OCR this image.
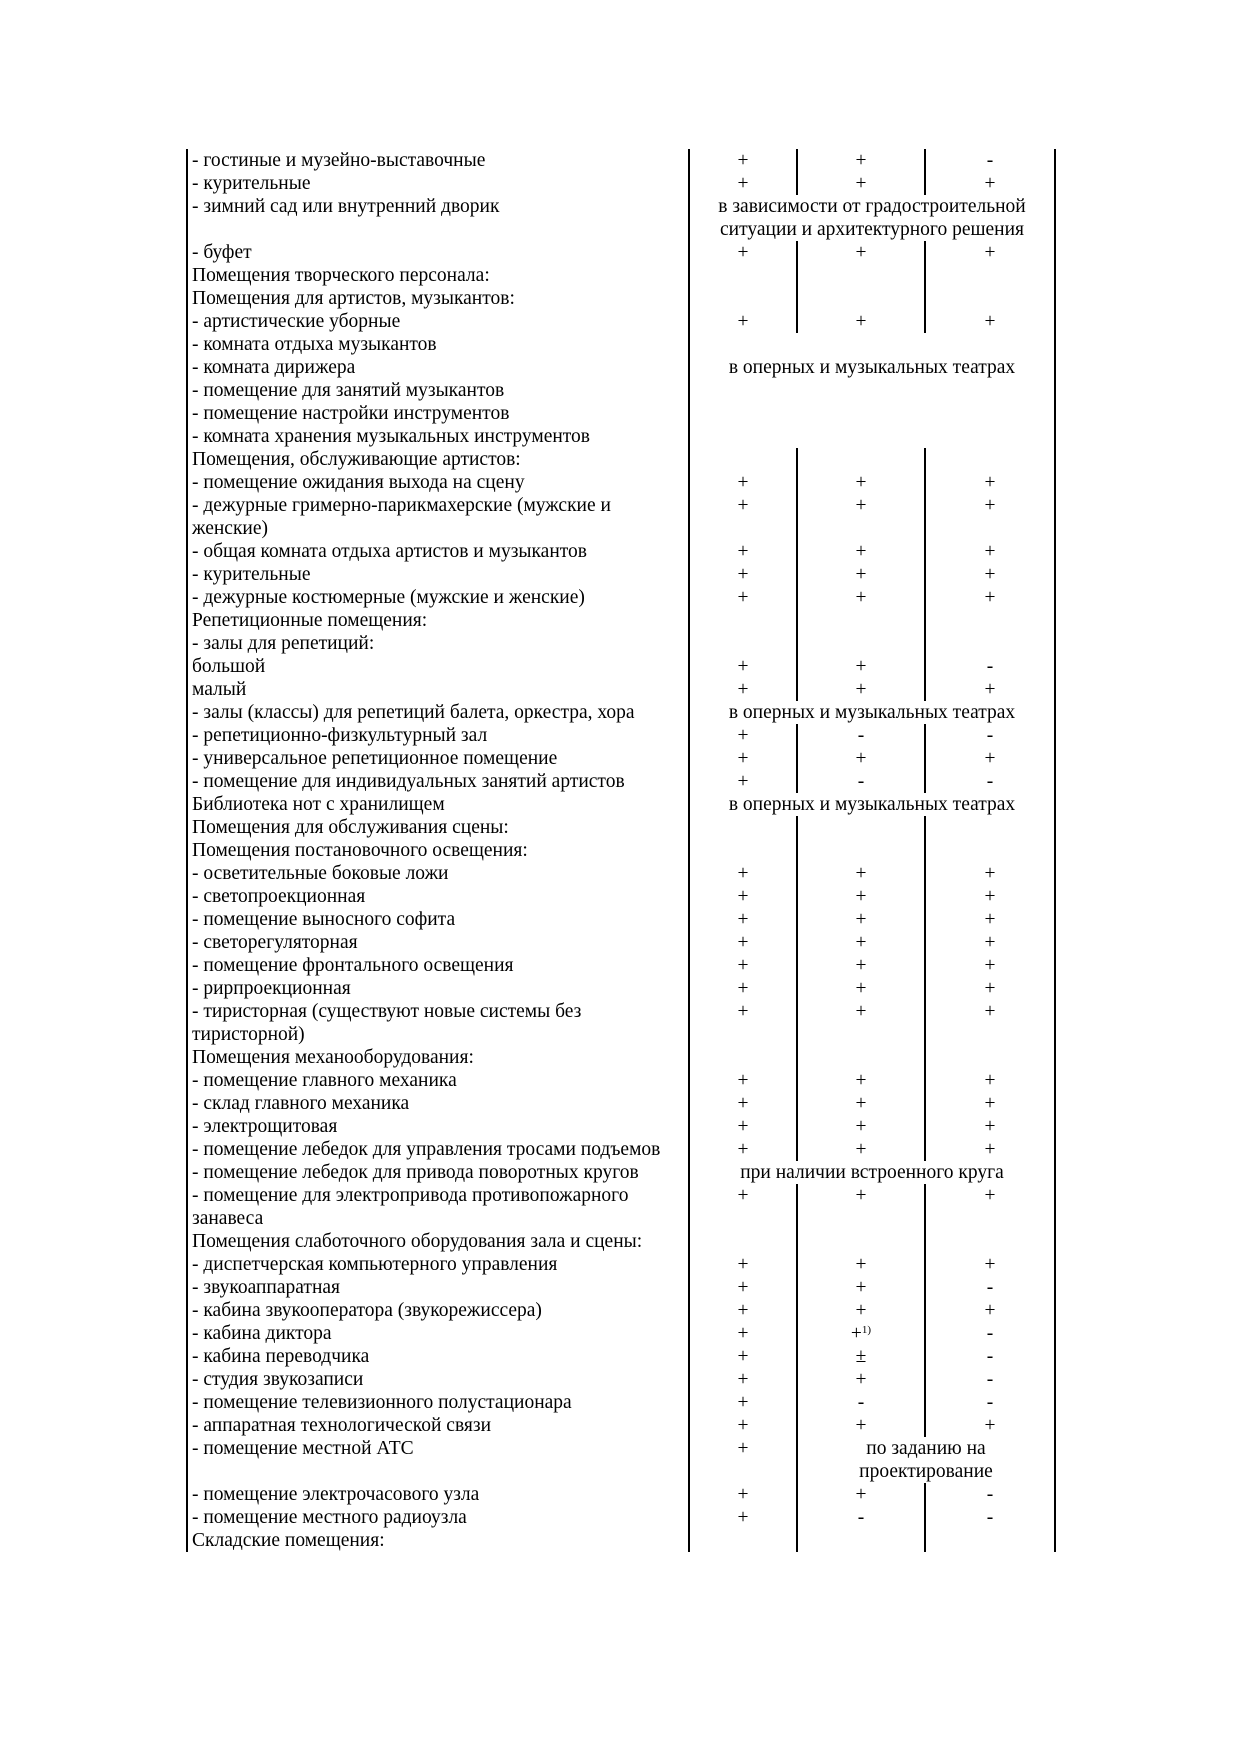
- гостиные и музейно-выставочные	+	+	-
- курительные	+	+	+
- зимний сад или внутренний дворик	в зависимости от градостроительной ситуации и архитектурного решения		
- буфет	+	+	+
Помещения творческого персонала:			
Помещения для артистов, музыкантов:			
- артистические уборные	+	+	+
- комната отдыха музыкантов			
- комната дирижера	в оперных и музыкальных театрах		
- помещение для занятий музыкантов			
- помещение настройки инструментов			
- комната хранения музыкальных инструментов			
Помещения, обслуживающие артистов:			
- помещение ожидания выхода на сцену	+	+	+
- дежурные гримерно-парикмахерские (мужские и женские)	+	+	+
- общая комната отдыха артистов и музыкантов	+	+	+
- курительные	+	+	+
- дежурные костюмерные (мужские и женские)	+	+	+
Репетиционные помещения:			
- залы для репетиций:			
большой	+	+	-
малый	+	+	+
- залы (классы) для репетиций балета, оркестра, хора	в оперных и музыкальных театрах		
- репетиционно-физкультурный зал	+	-	-
- универсальное репетиционное помещение	+	+	+
- помещение для индивидуальных занятий артистов	+	-	-
Библиотека нот с хранилищем	в оперных и музыкальных театрах		
Помещения для обслуживания сцены:			
Помещения постановочного освещения:			
- осветительные боковые ложи	+	+	+
- светопроекционная	+	+	+
- помещение выносного софита	+	+	+
- светорегуляторная	+	+	+
- помещение фронтального освещения	+	+	+
- рирпроекционная	+	+	+
- тиристорная (существуют новые системы без тиристорной)	+	+	+
Помещения механооборудования:			
- помещение главного механика	+	+	+
- склад главного механика	+	+	+
- электрощитовая	+	+	+
- помещение лебедок для управления тросами подъемов	+	+	+
- помещение лебедок для привода поворотных кругов	при наличии встроенного круга		
- помещение для электропривода противопожарного занавеса	+	+	+
Помещения слаботочного оборудования зала и сцены:			
- диспетчерская компьютерного управления	+	+	+
- звукоаппаратная	+	+	-
- кабина звукооператора (звукорежиссера)	+	+	+
- кабина диктора	+	+$^{1)}$	-
- кабина переводчика	+	±	-
- студия звукозаписи	+	+	-
- помещение телевизионного полустационара	+	-	-
- аппаратная технологической связи	+	+	+
- помещение местной АТС	+	по заданию на проектирование	
- помещение электрочасового узла	+	+	-
- помещение местного радиоузла	+	-	-
Складские помещения:			
